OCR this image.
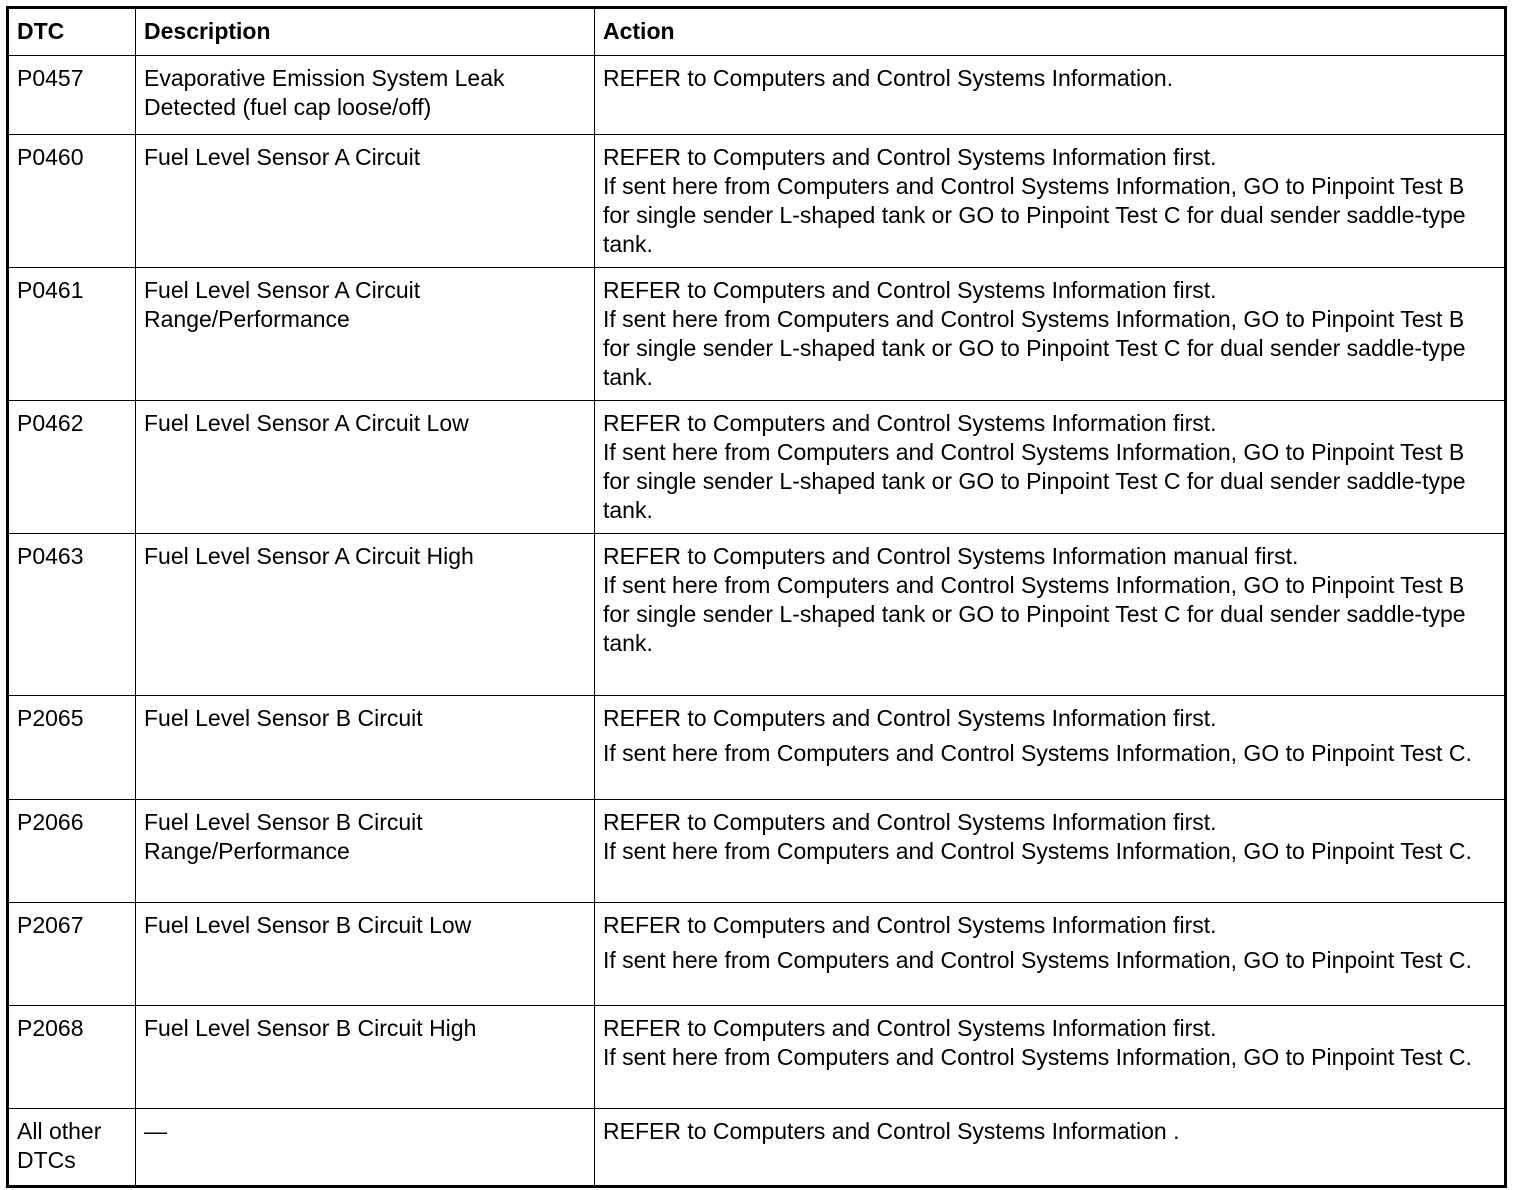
DTC	Description	Action
P0457	Evaporative Emission System Leak Detected (fuel cap loose/off)	REFER to Computers and Control Systems Information.

P0460	Fuel Level Sensor A Circuit	REFER to Computers and Control Systems Information first.
If sent here from Computers and Control Systems Information, GO to Pinpoint Test B for single sender L-shaped tank or GO to Pinpoint Test C for dual sender saddle-type tank.

P0461	Fuel Level Sensor A Circuit Range/Performance	REFER to Computers and Control Systems Information first.
If sent here from Computers and Control Systems Information, GO to Pinpoint Test B for single sender L-shaped tank or GO to Pinpoint Test C for dual sender saddle-type tank.

P0462	Fuel Level Sensor A Circuit Low	REFER to Computers and Control Systems Information first.
If sent here from Computers and Control Systems Information, GO to Pinpoint Test B for single sender L-shaped tank or GO to Pinpoint Test C for dual sender saddle-type tank.

P0463	Fuel Level Sensor A Circuit High	REFER to Computers and Control Systems Information manual first.
If sent here from Computers and Control Systems Information, GO to Pinpoint Test B for single sender L-shaped tank or GO to Pinpoint Test C for dual sender saddle-type tank.

P2065	Fuel Level Sensor B Circuit	REFER to Computers and Control Systems Information first.
If sent here from Computers and Control Systems Information, GO to Pinpoint Test C.

P2066	Fuel Level Sensor B Circuit Range/Performance	REFER to Computers and Control Systems Information first.
If sent here from Computers and Control Systems Information, GO to Pinpoint Test C.

P2067	Fuel Level Sensor B Circuit Low	REFER to Computers and Control Systems Information first.
If sent here from Computers and Control Systems Information, GO to Pinpoint Test C.

P2068	Fuel Level Sensor B Circuit High	REFER to Computers and Control Systems Information first.
If sent here from Computers and Control Systems Information, GO to Pinpoint Test C.

All other DTCs	—	REFER to Computers and Control Systems Information .
